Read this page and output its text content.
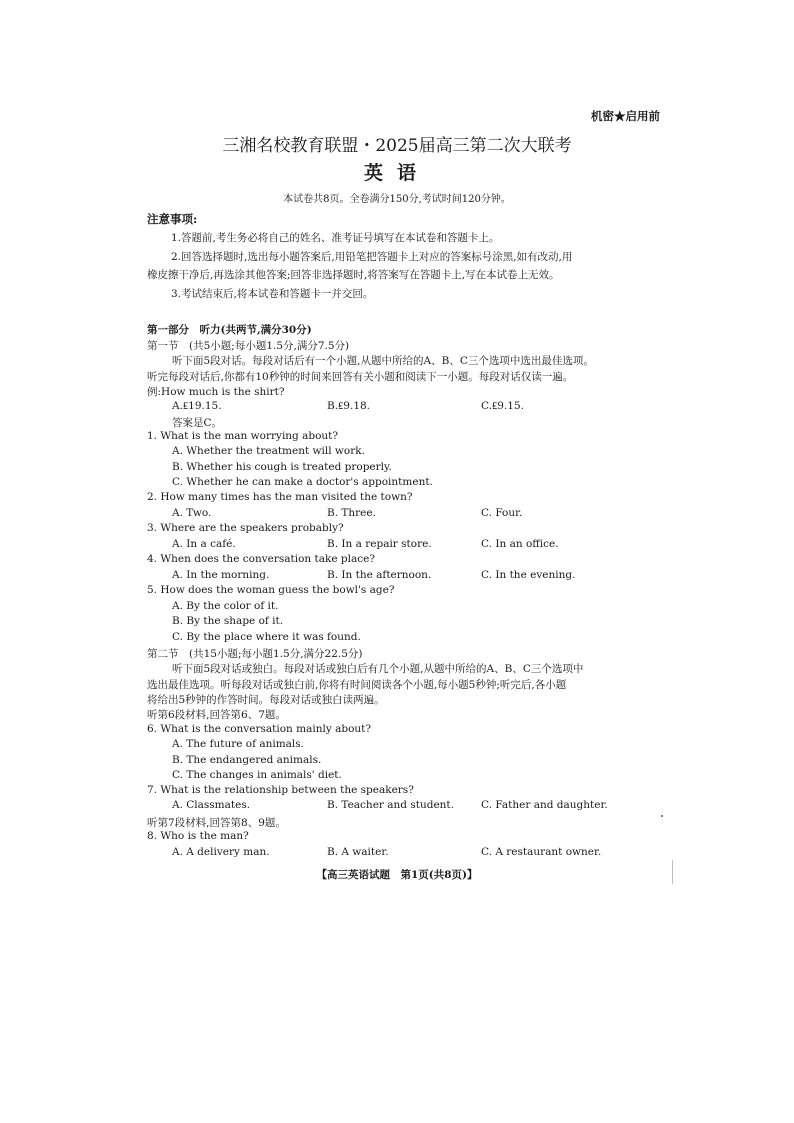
机密★启用前
三湘名校教育联盟・2025届高三第二次大联考
英语
本试卷共8页。全卷满分150分,考试时间120分钟。
注意事项:
1.答题前,考生务必将自己的姓名、准考证号填写在本试卷和答题卡上。
2.回答选择题时,选出每小题答案后,用铅笔把答题卡上对应的答案标号涂黑,如有改动,用
橡皮擦干净后,再选涂其他答案;回答非选择题时,将答案写在答题卡上,写在本试卷上无效。
3.考试结束后,将本试卷和答题卡一并交回。
第一部分　听力(共两节,满分30分)
第一节　(共5小题;每小题1.5分,满分7.5分)
听下面5段对话。每段对话后有一个小题,从题中所给的A、B、C三个选项中选出最佳选项。
听完每段对话后,你都有10秒钟的时间来回答有关小题和阅读下一小题。每段对话仅读一遍。
例:How much is the shirt?
A.₤19.15.	B.₤9.18.	C.₤9.15.
答案是C。
1. What is the man worrying about?
A. Whether the treatment will work.
B. Whether his cough is treated properly.
C. Whether he can make a doctor's appointment.
2. How many times has the man visited the town?
A. Two.	B. Three.	C. Four.
3. Where are the speakers probably?
A. In a café.	B. In a repair store.	C. In an office.
4. When does the conversation take place?
A. In the morning.	B. In the afternoon.	C. In the evening.
5. How does the woman guess the bowl's age?
A. By the color of it.
B. By the shape of it.
C. By the place where it was found.
第二节　(共15小题;每小题1.5分,满分22.5分)
听下面5段对话或独白。每段对话或独白后有几个小题,从题中所给的A、B、C三个选项中
选出最佳选项。听每段对话或独白前,你将有时间阅读各个小题,每小题5秒钟;听完后,各小题
将给出5秒钟的作答时间。每段对话或独白读两遍。
听第6段材料,回答第6、7题。
6. What is the conversation mainly about?
A. The future of animals.
B. The endangered animals.
C. The changes in animals' diet.
7. What is the relationship between the speakers?
A. Classmates.	B. Teacher and student.	C. Father and daughter.
听第7段材料,回答第8、9题。
8. Who is the man?
A. A delivery man.	B. A waiter.	C. A restaurant owner.
【高三英语试题　第1页(共8页)】
